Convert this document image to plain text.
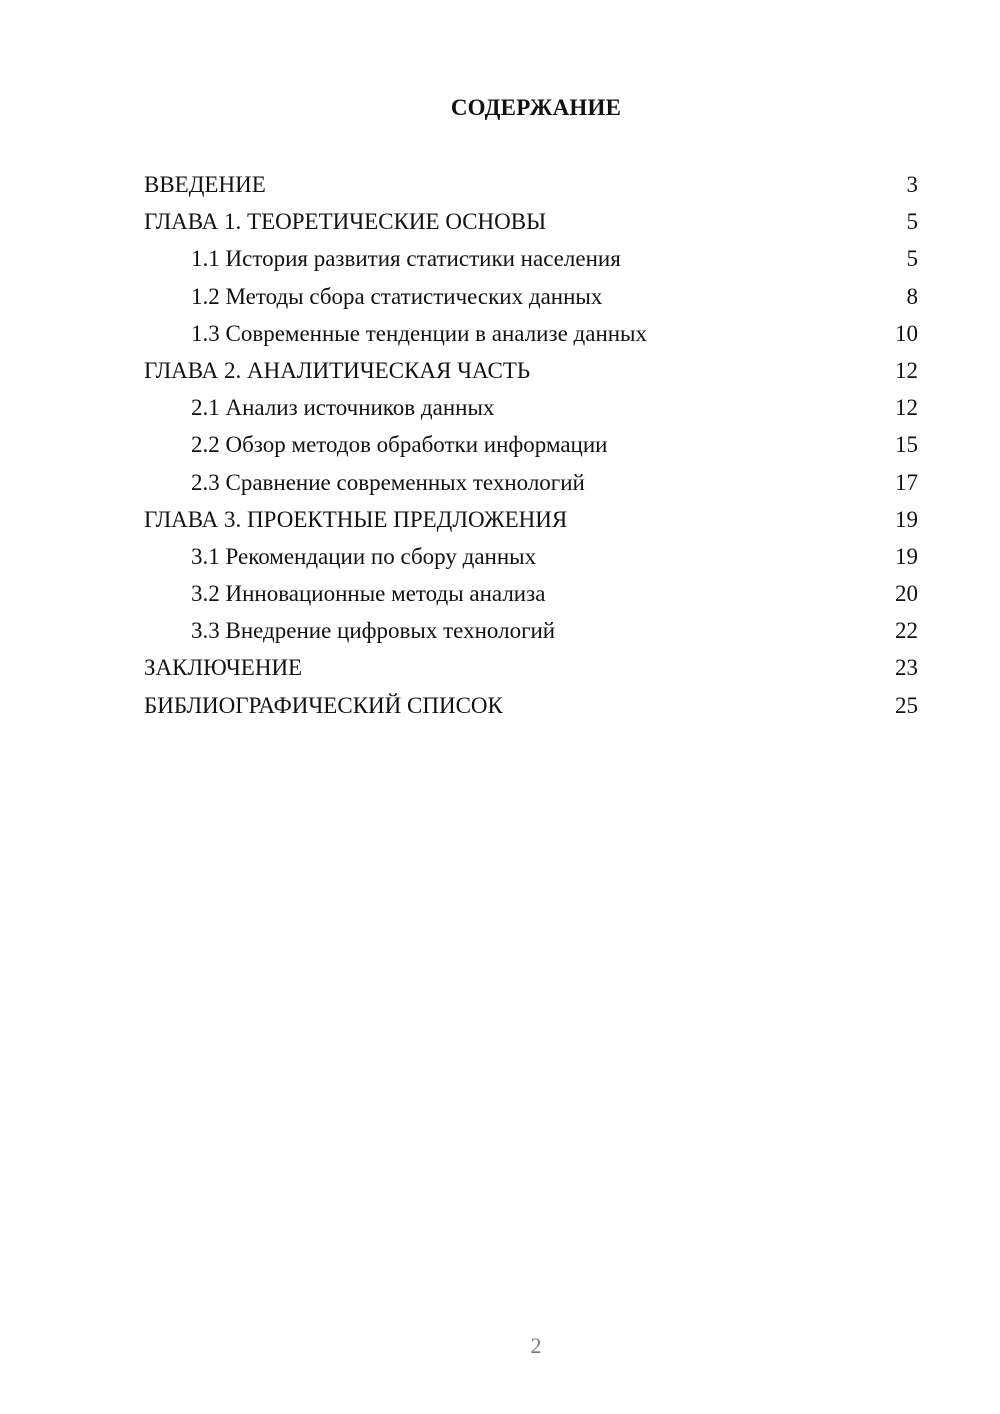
СОДЕРЖАНИЕ
ВВЕДЕНИЕ	3
ГЛАВА 1. ТЕОРЕТИЧЕСКИЕ ОСНОВЫ	5
1.1 История развития статистики населения	5
1.2 Методы сбора статистических данных	8
1.3 Современные тенденции в анализе данных	10
ГЛАВА 2. АНАЛИТИЧЕСКАЯ ЧАСТЬ	12
2.1 Анализ источников данных	12
2.2 Обзор методов обработки информации	15
2.3 Сравнение современных технологий	17
ГЛАВА 3. ПРОЕКТНЫЕ ПРЕДЛОЖЕНИЯ	19
3.1 Рекомендации по сбору данных	19
3.2 Инновационные методы анализа	20
3.3 Внедрение цифровых технологий	22
ЗАКЛЮЧЕНИЕ	23
БИБЛИОГРАФИЧЕСКИЙ СПИСОК	25
2
